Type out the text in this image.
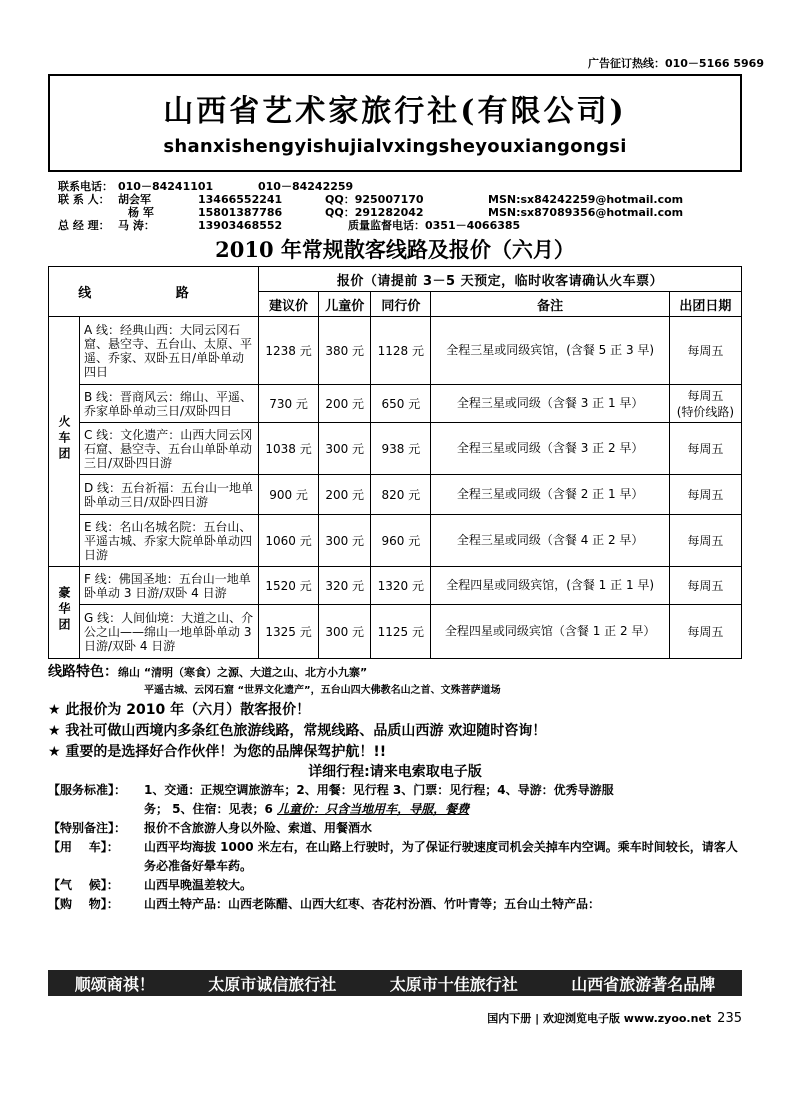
广告征订热线：010－5166 5969
山西省艺术家旅行社(有限公司)
shanxishengyishujialvxingsheyouxiangongsi
联系电话： 010－84241101	010－84242259
联 系 人： 胡会军	13466552241	QQ：925007170	MSN:sx84242259@hotmail.com
杨 军	15801387786	QQ：291282042	MSN:sx87089356@hotmail.com
总 经 理： 马 涛：	13903468552	质量监督电话：0351－4066385
2010 年常规散客线路及报价（六月）
线 路		报价（请提前 3－5 天预定，临时收客请确认火车票）				
		建议价	儿童价	同行价	备注	出团日期
火车团	A 线：经典山西：大同云冈石窟、悬空寺、五台山、太原、平遥、乔家、双卧五日/单卧单动四日	1238 元	380 元	1128 元	全程三星或同级宾馆，(含餐 5 正 3 早)	每周五
	B 线：晋商风云：绵山、平遥、乔家单卧单动三日/双卧四日	730 元	200 元	650 元	全程三星或同级（含餐 3 正 1 早）	每周五
(特价线路)
	C 线：文化遗产：山西大同云冈石窟、悬空寺、五台山单卧单动三日/双卧四日游	1038 元	300 元	938 元	全程三星或同级（含餐 3 正 2 早）	每周五
	D 线：五台祈福：五台山一地单卧单动三日/双卧四日游	900 元	200 元	820 元	全程三星或同级（含餐 2 正 1 早）	每周五
	E 线：名山名城名院：五台山、平遥古城、乔家大院单卧单动四日游	1060 元	300 元	960 元	全程三星或同级（含餐 4 正 2 早）	每周五
豪华团	F 线：佛国圣地：五台山一地单卧单动 3 日游/双卧 4 日游	1520 元	320 元	1320 元	全程四星或同级宾馆，(含餐 1 正 1 早)	每周五
	G 线：人间仙境：大道之山、介公之山——绵山一地单卧单动 3 日游/双卧 4 日游	1325 元	300 元	1125 元	全程四星或同级宾馆（含餐 1 正 2 早）	每周五
线路特色：绵山 “清明（寒食）之源、大道之山、北方小九寨”
平遥古城、云冈石窟 “世界文化遗产”，五台山四大佛教名山之首、文殊菩萨道场
★ 此报价为 2010 年（六月）散客报价！
★ 我社可做山西境内多条红色旅游线路，常规线路、品质山西游 欢迎随时咨询！
★ 重要的是选择好合作伙伴！为您的品牌保驾护航！!!
详细行程:请来电索取电子版
【服务标准】：	1、交通：正规空调旅游车；2、用餐：见行程 3、门票：见行程；4、导游：优秀导游服
务； 5、住宿：见表；6 儿童价：只含当地用车，导服，餐费
【特别备注】：	报价不含旅游人身以外险、索道、用餐酒水
【用    车】：	山西平均海拔 1000 米左右，在山路上行驶时，为了保证行驶速度司机会关掉车内空调。乘车时间较长，请客人务必准备好晕车药。
【气    候】：	山西早晚温差较大。
【购    物】：	山西土特产品：山西老陈醋、山西大红枣、杏花村汾酒、竹叶青等；五台山土特产品：
顺颂商祺！	太原市诚信旅行社	太原市十佳旅行社	山西省旅游著名品牌
国内下册 | 欢迎浏览电子版 www.zyoo.net 235
